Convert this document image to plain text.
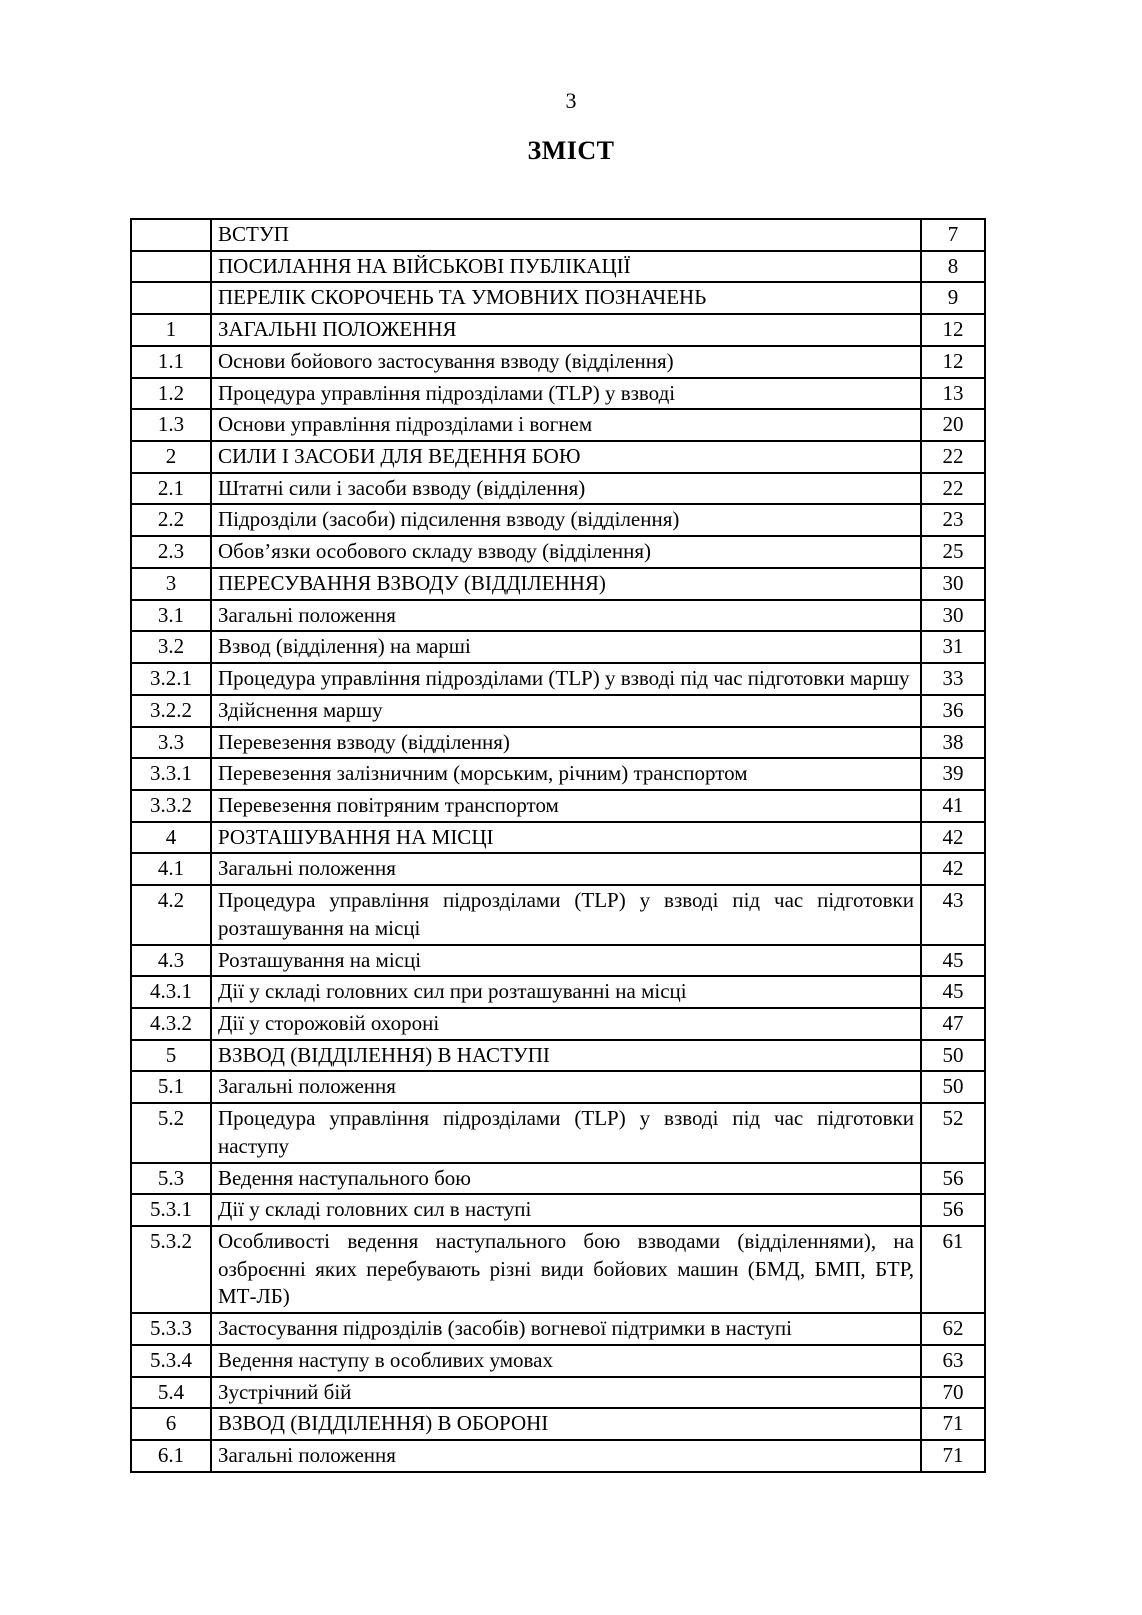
3
ЗМІСТ
	ВСТУП	7
	ПОСИЛАННЯ НА ВІЙСЬКОВІ ПУБЛІКАЦІЇ	8
	ПЕРЕЛІК СКОРОЧЕНЬ ТА УМОВНИХ ПОЗНАЧЕНЬ	9
1	ЗАГАЛЬНІ ПОЛОЖЕННЯ	12
1.1	Основи бойового застосування взводу (відділення)	12
1.2	Процедура управління підрозділами (TLP) у взводі	13
1.3	Основи управління підрозділами і вогнем	20
2	СИЛИ І ЗАСОБИ ДЛЯ ВЕДЕННЯ БОЮ	22
2.1	Штатні сили і засоби взводу (відділення)	22
2.2	Підрозділи (засоби) підсилення взводу (відділення)	23
2.3	Обов’язки особового складу взводу (відділення)	25
3	ПЕРЕСУВАННЯ ВЗВОДУ (ВІДДІЛЕННЯ)	30
3.1	Загальні положення	30
3.2	Взвод (відділення) на марші	31
3.2.1	Процедура управління підрозділами (TLP) у взводі під час підготовки маршу	33
3.2.2	Здійснення маршу	36
3.3	Перевезення взводу (відділення)	38
3.3.1	Перевезення залізничним (морським, річним) транспортом	39
3.3.2	Перевезення повітряним транспортом	41
4	РОЗТАШУВАННЯ НА МІСЦІ	42
4.1	Загальні положення	42
4.2	Процедура управління підрозділами (TLP) у взводі під час підготовки розташування на місці	43
4.3	Розташування на місці	45
4.3.1	Дії у складі головних сил при розташуванні на місці	45
4.3.2	Дії у сторожовій охороні	47
5	ВЗВОД (ВІДДІЛЕННЯ) В НАСТУПІ	50
5.1	Загальні положення	50
5.2	Процедура управління підрозділами (TLP) у взводі під час підготовки наступу	52
5.3	Ведення наступального бою	56
5.3.1	Дії у складі головних сил в наступі	56
5.3.2	Особливості ведення наступального бою взводами (відділеннями), на озброєнні яких перебувають різні види бойових машин (БМД, БМП, БТР, МТ-ЛБ)	61
5.3.3	Застосування підрозділів (засобів) вогневої підтримки в наступі	62
5.3.4	Ведення наступу в особливих умовах	63
5.4	Зустрічний бій	70
6	ВЗВОД (ВІДДІЛЕННЯ) В ОБОРОНІ	71
6.1	Загальні положення	71
